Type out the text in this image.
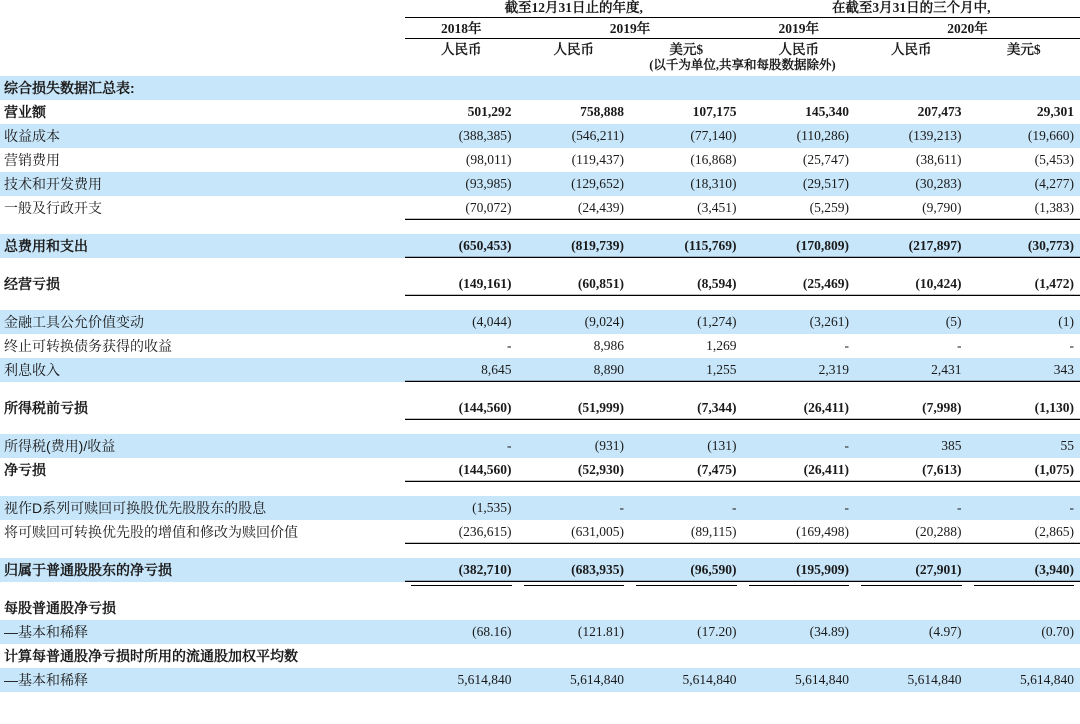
	截至12月31日止的年度,			在截至3月31日的三个月中,		
	2018年	2019年		2019年	2020年	
	人民币	人民币	美元$	人民币	人民币	美元$
	(以千为单位,共享和每股数据除外)					
综合损失数据汇总表:						
营业额	501,292	758,888	107,175	145,340	207,473	29,301
收益成本	(388,385)	(546,211)	(77,140)	(110,286)	(139,213)	(19,660)
营销费用	(98,011)	(119,437)	(16,868)	(25,747)	(38,611)	(5,453)
技术和开发费用	(93,985)	(129,652)	(18,310)	(29,517)	(30,283)	(4,277)
一般及行政开支	(70,072)	(24,439)	(3,451)	(5,259)	(9,790)	(1,383)

总费用和支出	(650,453)	(819,739)	(115,769)	(170,809)	(217,897)	(30,773)

经营亏损	(149,161)	(60,851)	(8,594)	(25,469)	(10,424)	(1,472)

金融工具公允价值变动	(4,044)	(9,024)	(1,274)	(3,261)	(5)	(1)
终止可转换债务获得的收益	-	8,986	1,269	-	-	-
利息收入	8,645	8,890	1,255	2,319	2,431	343

所得税前亏损	(144,560)	(51,999)	(7,344)	(26,411)	(7,998)	(1,130)

所得税(费用)/收益	-	(931)	(131)	-	385	55
净亏损	(144,560)	(52,930)	(7,475)	(26,411)	(7,613)	(1,075)

视作D系列可赎回可换股优先股股东的股息	(1,535)	-	-	-	-	-
将可赎回可转换优先股的增值和修改为赎回价值	(236,615)	(631,005)	(89,115)	(169,498)	(20,288)	(2,865)

归属于普通股股东的净亏损	(382,710)	(683,935)	(96,590)	(195,909)	(27,901)	(3,940)

每股普通股净亏损						
—基本和稀释	(68.16)	(121.81)	(17.20)	(34.89)	(4.97)	(0.70)
计算每普通股净亏损时所用的流通股加权平均数						
—基本和稀释	5,614,840	5,614,840	5,614,840	5,614,840	5,614,840	5,614,840
